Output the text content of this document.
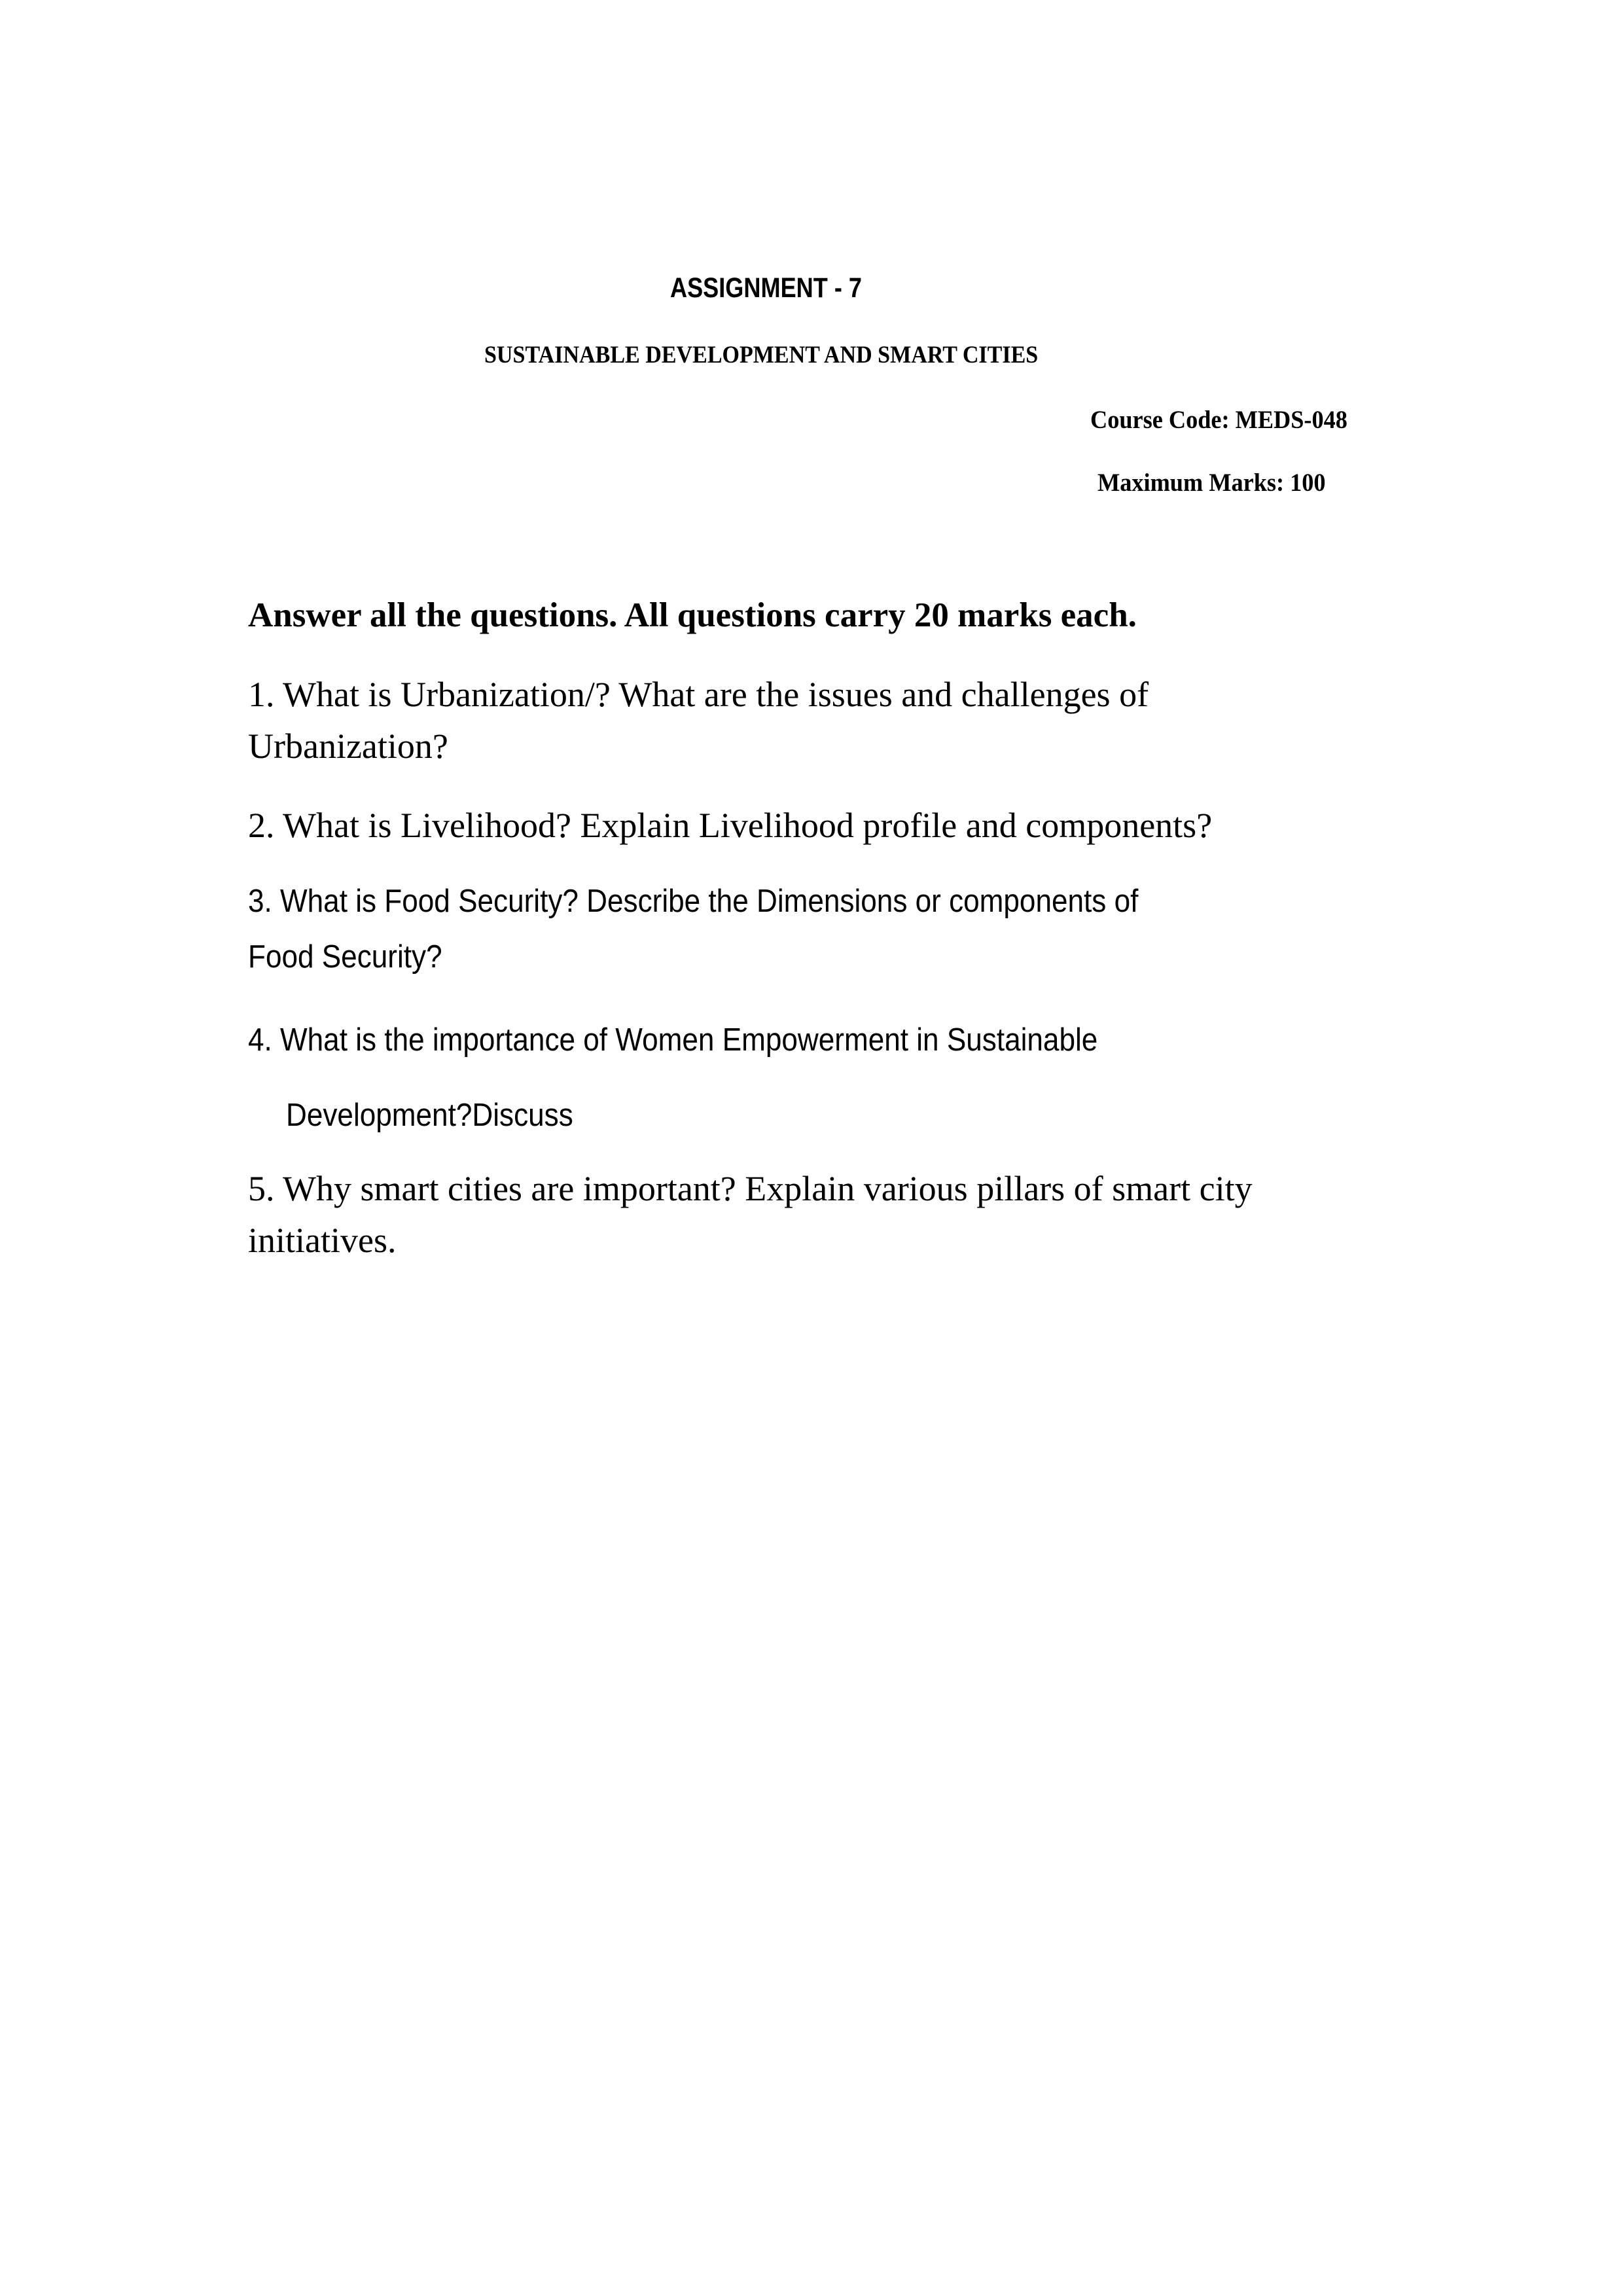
ASSIGNMENT - 7
SUSTAINABLE DEVELOPMENT AND SMART CITIES
Course Code: MEDS-048
Maximum Marks: 100
Answer all the questions. All questions carry 20 marks each.
1. What is Urbanization/? What are the issues and challenges of
Urbanization?
2. What is Livelihood? Explain Livelihood profile and components?
3. What is Food Security? Describe the Dimensions or components of
Food Security?
4. What is the importance of Women Empowerment in Sustainable
Development?Discuss
5. Why smart cities are important? Explain various pillars of smart city
initiatives.
